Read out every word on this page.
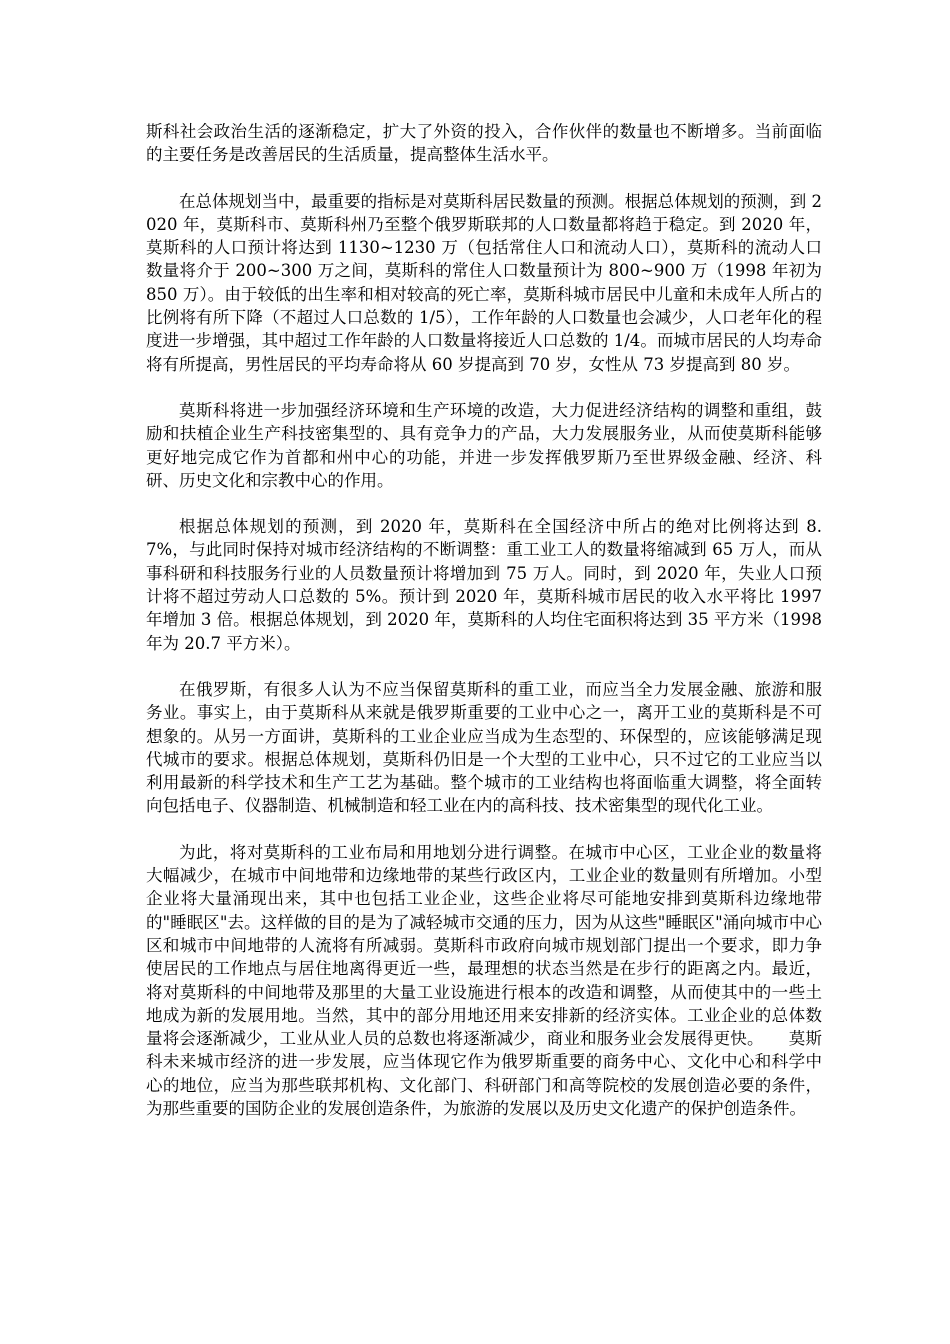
斯科社会政治生活的逐渐稳定，扩大了外资的投入，合作伙伴的数量也不断增多。当前面临的主要任务是改善居民的生活质量，提高整体生活水平。

在总体规划当中，最重要的指标是对莫斯科居民数量的预测。根据总体规划的预测，到 2020 年，莫斯科市、莫斯科州乃至整个俄罗斯联邦的人口数量都将趋于稳定。到 2020 年，莫斯科的人口预计将达到 1130~1230 万（包括常住人口和流动人口），莫斯科的流动人口数量将介于 200~300 万之间，莫斯科的常住人口数量预计为 800~900 万（1998 年初为 850 万）。由于较低的出生率和相对较高的死亡率，莫斯科城市居民中儿童和未成年人所占的比例将有所下降（不超过人口总数的 1/5），工作年龄的人口数量也会减少，人口老年化的程度进一步增强，其中超过工作年龄的人口数量将接近人口总数的 1/4。而城市居民的人均寿命将有所提高，男性居民的平均寿命将从 60 岁提高到 70 岁，女性从 73 岁提高到 80 岁。

莫斯科将进一步加强经济环境和生产环境的改造，大力促进经济结构的调整和重组，鼓励和扶植企业生产科技密集型的、具有竞争力的产品，大力发展服务业，从而使莫斯科能够更好地完成它作为首都和州中心的功能，并进一步发挥俄罗斯乃至世界级金融、经济、科研、历史文化和宗教中心的作用。

根据总体规划的预测，到 2020 年，莫斯科在全国经济中所占的绝对比例将达到 8.7%，与此同时保持对城市经济结构的不断调整：重工业工人的数量将缩减到 65 万人，而从事科研和科技服务行业的人员数量预计将增加到 75 万人。同时，到 2020 年，失业人口预计将不超过劳动人口总数的 5%。预计到 2020 年，莫斯科城市居民的收入水平将比 1997 年增加 3 倍。根据总体规划，到 2020 年，莫斯科的人均住宅面积将达到 35 平方米（1998 年为 20.7 平方米）。

在俄罗斯，有很多人认为不应当保留莫斯科的重工业，而应当全力发展金融、旅游和服务业。事实上，由于莫斯科从来就是俄罗斯重要的工业中心之一，离开工业的莫斯科是不可想象的。从另一方面讲，莫斯科的工业企业应当成为生态型的、环保型的，应该能够满足现代城市的要求。根据总体规划，莫斯科仍旧是一个大型的工业中心，只不过它的工业应当以利用最新的科学技术和生产工艺为基础。整个城市的工业结构也将面临重大调整，将全面转向包括电子、仪器制造、机械制造和轻工业在内的高科技、技术密集型的现代化工业。

为此，将对莫斯科的工业布局和用地划分进行调整。在城市中心区，工业企业的数量将大幅减少，在城市中间地带和边缘地带的某些行政区内，工业企业的数量则有所增加。小型企业将大量涌现出来，其中也包括工业企业，这些企业将尽可能地安排到莫斯科边缘地带的"睡眠区"去。这样做的目的是为了减轻城市交通的压力，因为从这些"睡眠区"涌向城市中心区和城市中间地带的人流将有所减弱。莫斯科市政府向城市规划部门提出一个要求，即力争使居民的工作地点与居住地离得更近一些，最理想的状态当然是在步行的距离之内。最近，将对莫斯科的中间地带及那里的大量工业设施进行根本的改造和调整，从而使其中的一些土地成为新的发展用地。当然，其中的部分用地还用来安排新的经济实体。工业企业的总体数量将会逐渐减少，工业从业人员的总数也将逐渐减少，商业和服务业会发展得更快。　　莫斯科未来城市经济的进一步发展，应当体现它作为俄罗斯重要的商务中心、文化中心和科学中心的地位，应当为那些联邦机构、文化部门、科研部门和高等院校的发展创造必要的条件，为那些重要的国防企业的发展创造条件，为旅游的发展以及历史文化遗产的保护创造条件。
